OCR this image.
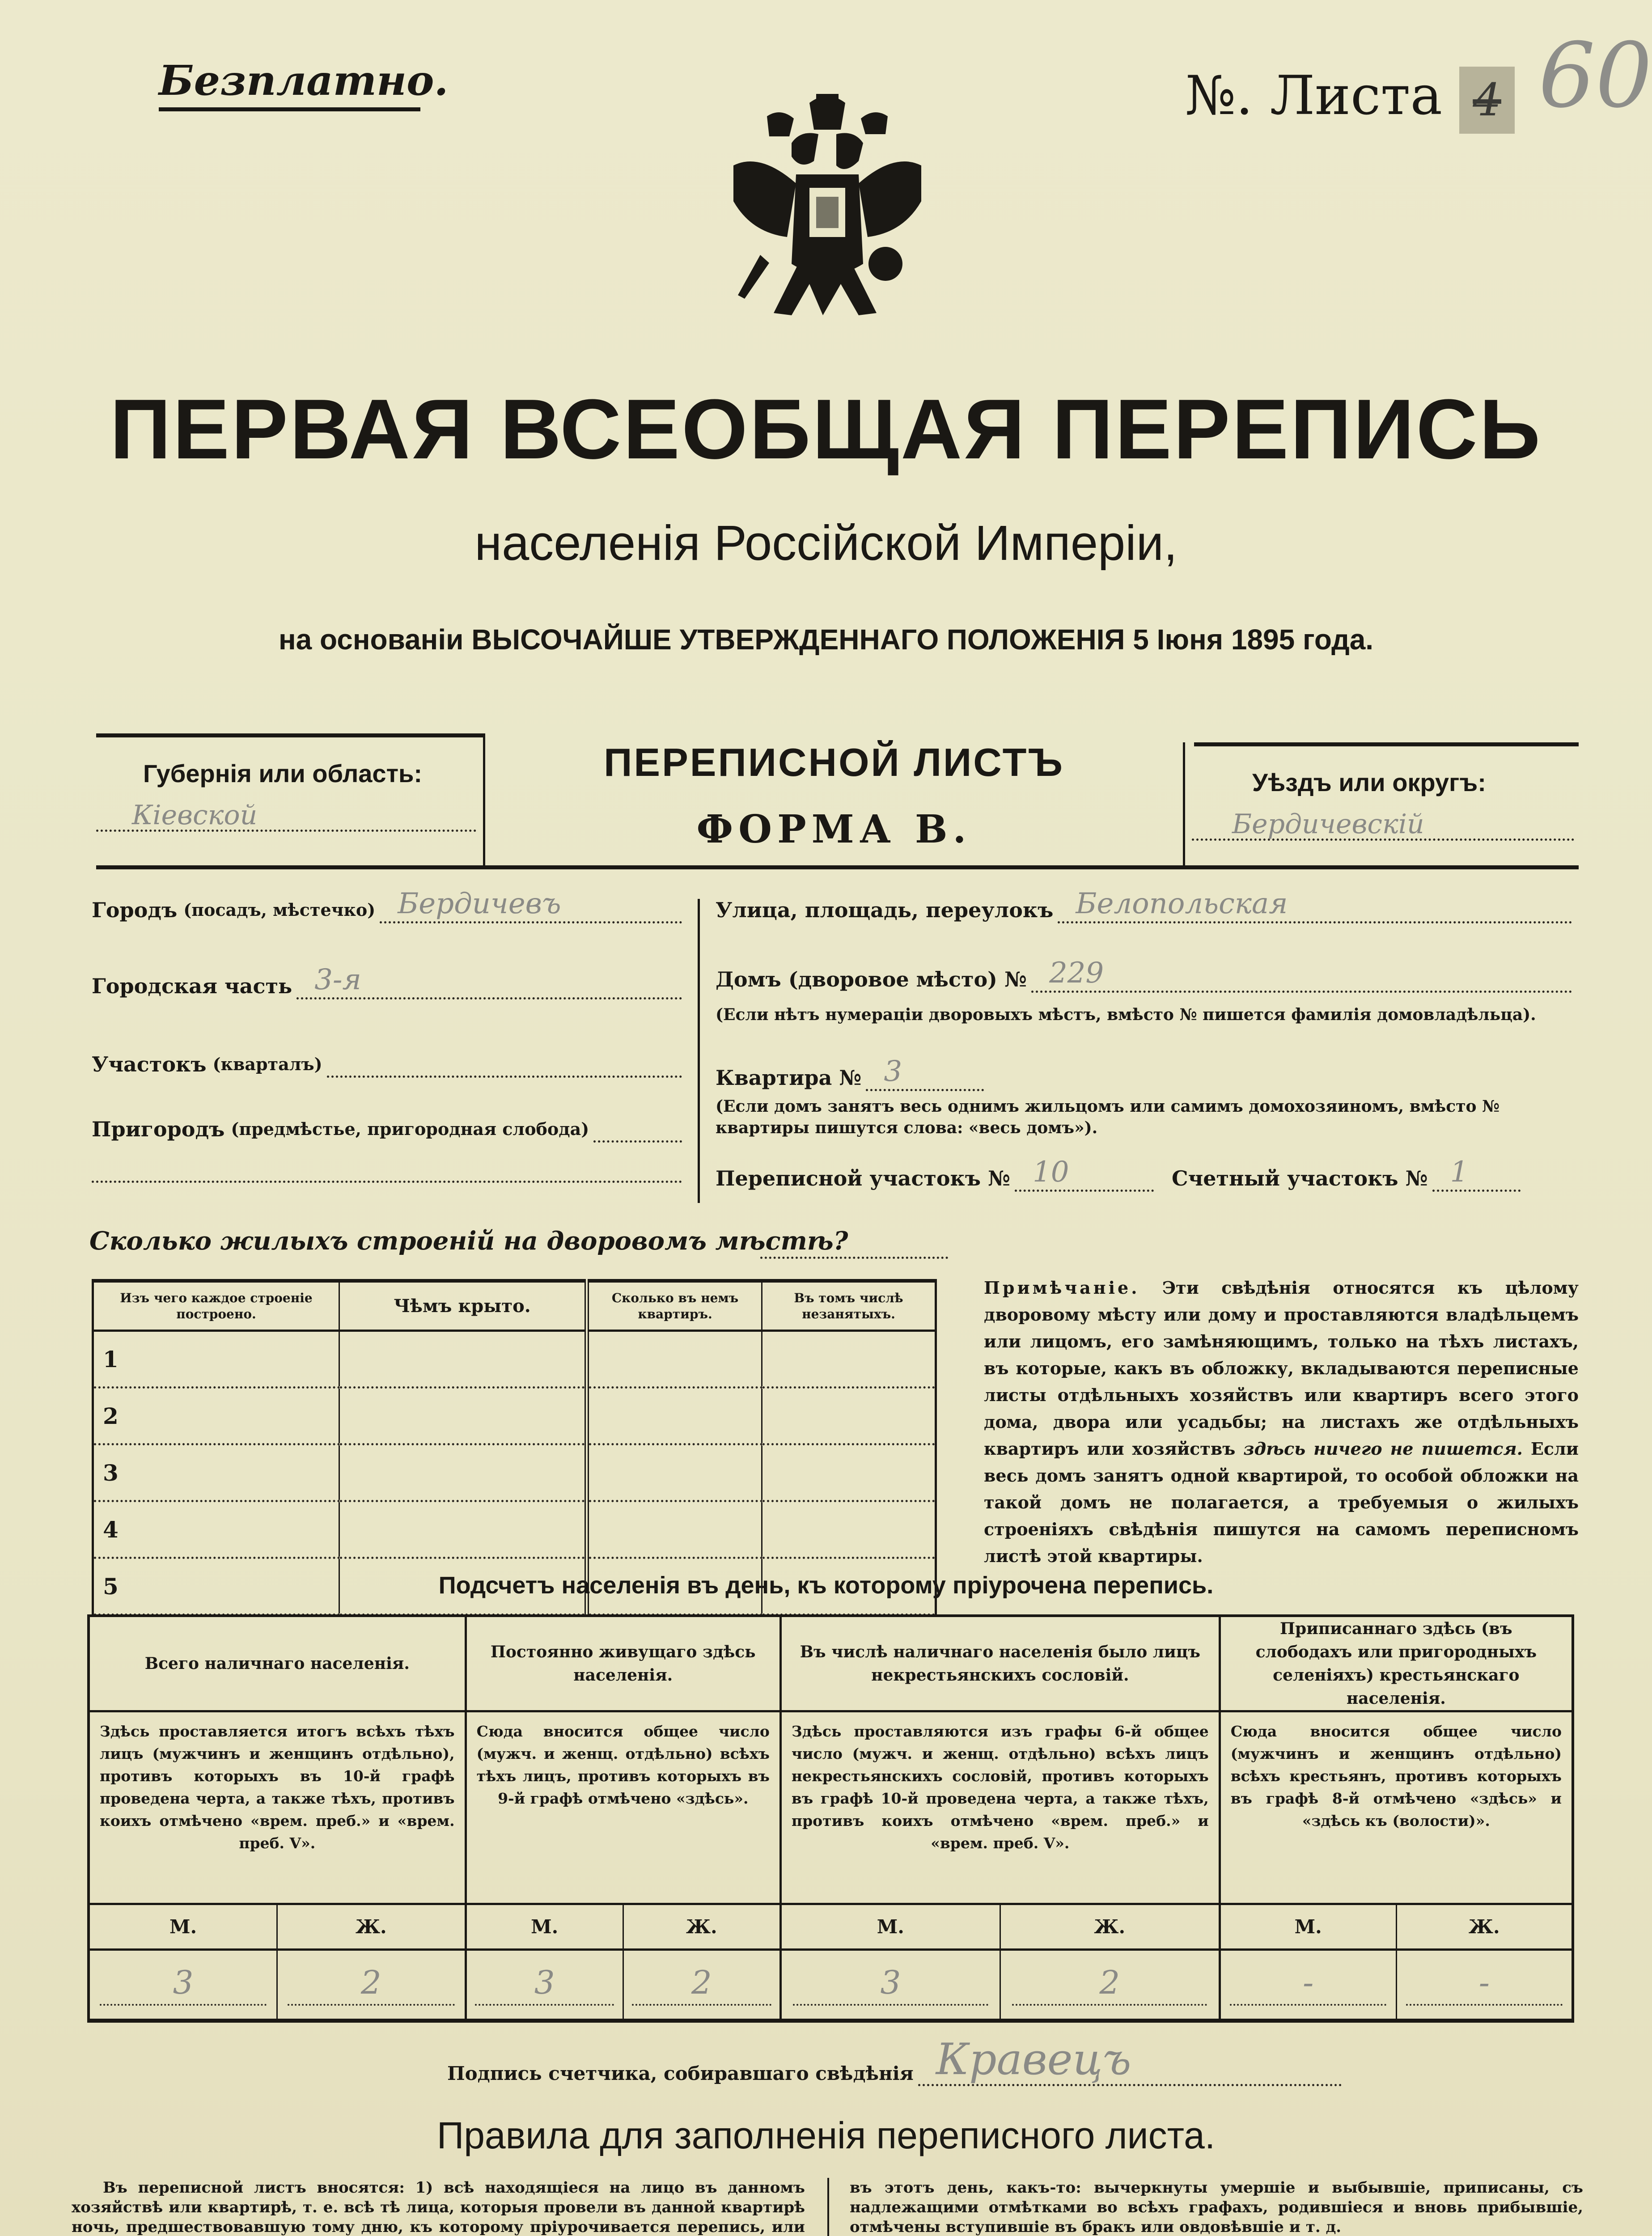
Безплатно.	№. Листа 4 60
ПЕРВАЯ ВСЕОБЩАЯ ПЕРЕПИСЬ
населенія Россійской Имперіи,
на основаніи ВЫСОЧАЙШЕ УТВЕРЖДЕННАГО ПОЛОЖЕНІЯ 5 Іюня 1895 года.
Губернія или область:
Кіевской
ПЕРЕПИСНОЙ ЛИСТЪ
ФОРМА В.
Уѣздъ или округъ:
Бердичевскій
Городъ (посадъ, мѣстечко) Бердичевъ
Городская часть 3-я
Участокъ (кварталъ)
Пригородъ (предмѣстье, пригородная слобода)
Улица, площадь, переулокъ Белопольская
Домъ (дворовое мѣсто) № 229
(Если нѣтъ нумераціи дворовыхъ мѣстъ, вмѣсто № пишется фамилія домовладѣльца).
Квартира № 3
(Если домъ занятъ весь однимъ жильцомъ или самимъ домохозяиномъ, вмѣсто № квартиры пишутся слова: «весь домъ»).
Переписной участокъ № 10	Счетный участокъ № 1
Сколько жилыхъ строеній на дворовомъ мѣстѣ?
Изъ чего каждое строеніе построено.	Чѣмъ крыто.	Сколько въ немъ квартиръ.	Въ томъ числѣ незанятыхъ.
1			
2			
3			
4			
5			
Примѣчаніе. Эти свѣдѣнія относятся къ цѣлому дворовому мѣсту или дому и проставляются владѣльцемъ или лицомъ, его замѣняющимъ, только на тѣхъ листахъ, въ которые, какъ въ обложку, вкладываются переписные листы отдѣльныхъ хозяйствъ или квартиръ всего этого дома, двора или усадьбы; на листахъ же отдѣльныхъ квартиръ или хозяйствъ здѣсь ничего не пишется. Если весь домъ занятъ одной квартирой, то особой обложки на такой домъ не полагается, а требуемыя о жилыхъ строеніяхъ свѣдѣнія пишутся на самомъ переписномъ листѣ этой квартиры.
Подсчетъ населенія въ день, къ которому пріурочена перепись.
Всего наличнаго населенія.		Постоянно живущаго здѣсь населенія.		Въ числѣ наличнаго населенія было лицъ некрестьянскихъ сословій.		Приписаннаго здѣсь (въ слободахъ или пригородныхъ селеніяхъ) крестьянскаго населенія.	
Здѣсь проставляется итогъ всѣхъ тѣхъ лицъ (мужчинъ и женщинъ отдѣльно), противъ которыхъ въ 10-й графѣ проведена черта, а также тѣхъ, противъ коихъ отмѣчено «врем. преб.» и «врем. преб. V».		Сюда вносится общее число (мужч. и женщ. отдѣльно) всѣхъ тѣхъ лицъ, противъ которыхъ въ 9-й графѣ отмѣчено «здѣсь».		Здѣсь проставляются изъ графы 6-й общее число (мужч. и женщ. отдѣльно) всѣхъ лицъ некрестьянскихъ сословій, противъ которыхъ въ графѣ 10-й проведена черта, а также тѣхъ, противъ коихъ отмѣчено «врем. преб.» и «врем. преб. V».		Сюда вносится общее число (мужчинъ и женщинъ отдѣльно) всѣхъ крестьянъ, противъ которыхъ въ графѣ 8-й отмѣчено «здѣсь» и «здѣсь къ (волости)».	
М.	Ж.	М.	Ж.	М.	Ж.	М.	Ж.
3	2	3	2	3	2	-	-
Подпись счетчика, собиравшаго свѣдѣнія Кравецъ
Правила для заполненія переписного листа.

Въ переписной листъ вносятся: 1) всѣ находящіеся на лицо въ данномъ хозяйствѣ или квартирѣ, т. е. всѣ тѣ лица, которыя провели въ данной квартирѣ ночь, предшествовавшую тому дню, къ которому пріурочивается перепись, или

въ этотъ день, какъ-то: вычеркнуты умершіе и выбывшіе, приписаны, съ надлежащими отмѣтками во всѣхъ графахъ, родившіеся и вновь прибывшіе, отмѣчены вступившіе въ бракъ или овдовѣвшіе и т. д.
